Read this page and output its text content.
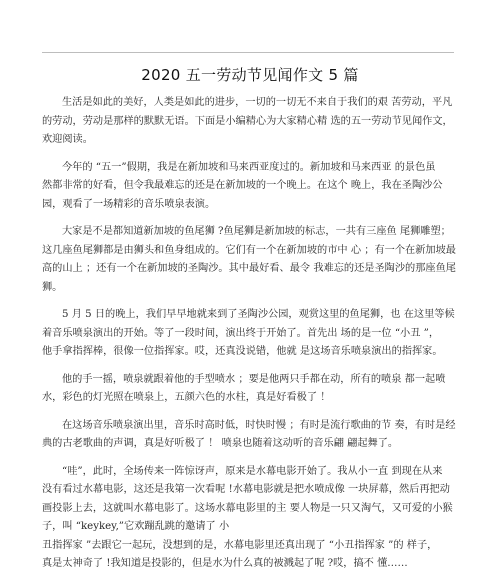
2020 五一劳动节见闻作文 5 篇

生活是如此的美好，人类是如此的进步，一切的一切无不来自于我们的艰 苦劳动，平凡
的劳动，劳动是那样的默默无语。下面是小编精心为大家精心精 选的五一劳动节见闻作文，
欢迎阅读。

今年的 “五一”假期，我是在新加坡和马来西亚度过的。新加坡和马来西亚 的景色虽
然都非常的好看，但令我最难忘的还是在新加坡的一个晚上。在这个 晚上，我在圣陶沙公
园，观看了一场精彩的音乐喷泉表演。

大家是不是都知道新加坡的鱼尾狮 ?鱼尾狮是新加坡的标志，一共有三座鱼 尾狮雕塑；
这几座鱼尾狮都是由狮头和鱼身组成的。它们有一个在新加坡的市中 心 ；有一个在新加坡最
高的山上 ；还有一个在新加坡的圣陶沙。其中最好看、最令 我难忘的还是圣陶沙的那座鱼尾
狮。

5 月 5 日的晚上，我们早早地就来到了圣陶沙公园，观赏这里的鱼尾狮，也 在这里等候
着音乐喷泉演出的开始。等了一段时间，演出终于开始了。首先出 场的是一位 “小丑 ”，
他手拿指挥棒，很像一位指挥家。哎，还真没说错，他就 是这场音乐喷泉演出的指挥家。

他的手一摇，喷泉就跟着他的手型喷水 ；要是他两只手都在动，所有的喷泉 都一起喷
水，彩色的灯光照在喷泉上，五颜六色的水柱，真是好看极了 ！

在这场音乐喷泉演出里，音乐时高时低，时快时慢 ；有时是流行歌曲的节 奏，有时是经
典的古老歌曲的声调，真是好听极了 ！ 喷泉也随着这动听的音乐翩 翩起舞了。

“哇”，此时，全场传来一阵惊讶声，原来是水幕电影开始了。我从小一直 到现在从来
没有看过水幕电影，这还是我第一次看呢 !水幕电影就是把水喷成像 一块屏幕，然后再把动
画投影上去，这就叫水幕电影了。这场水幕电影里的主 要人物是一只又淘气，又可爱的小猴
子，叫 “keykey,”它欢蹦乱跳的邀请了 小
丑指挥家 ”去跟它一起玩，没想到的是，水幕电影里还真出现了 “小丑指挥家 ”的 样子，
真是太神奇了 !我知道是投影的，但是水为什么真的被溅起了呢 ?哎，搞不 懂……
